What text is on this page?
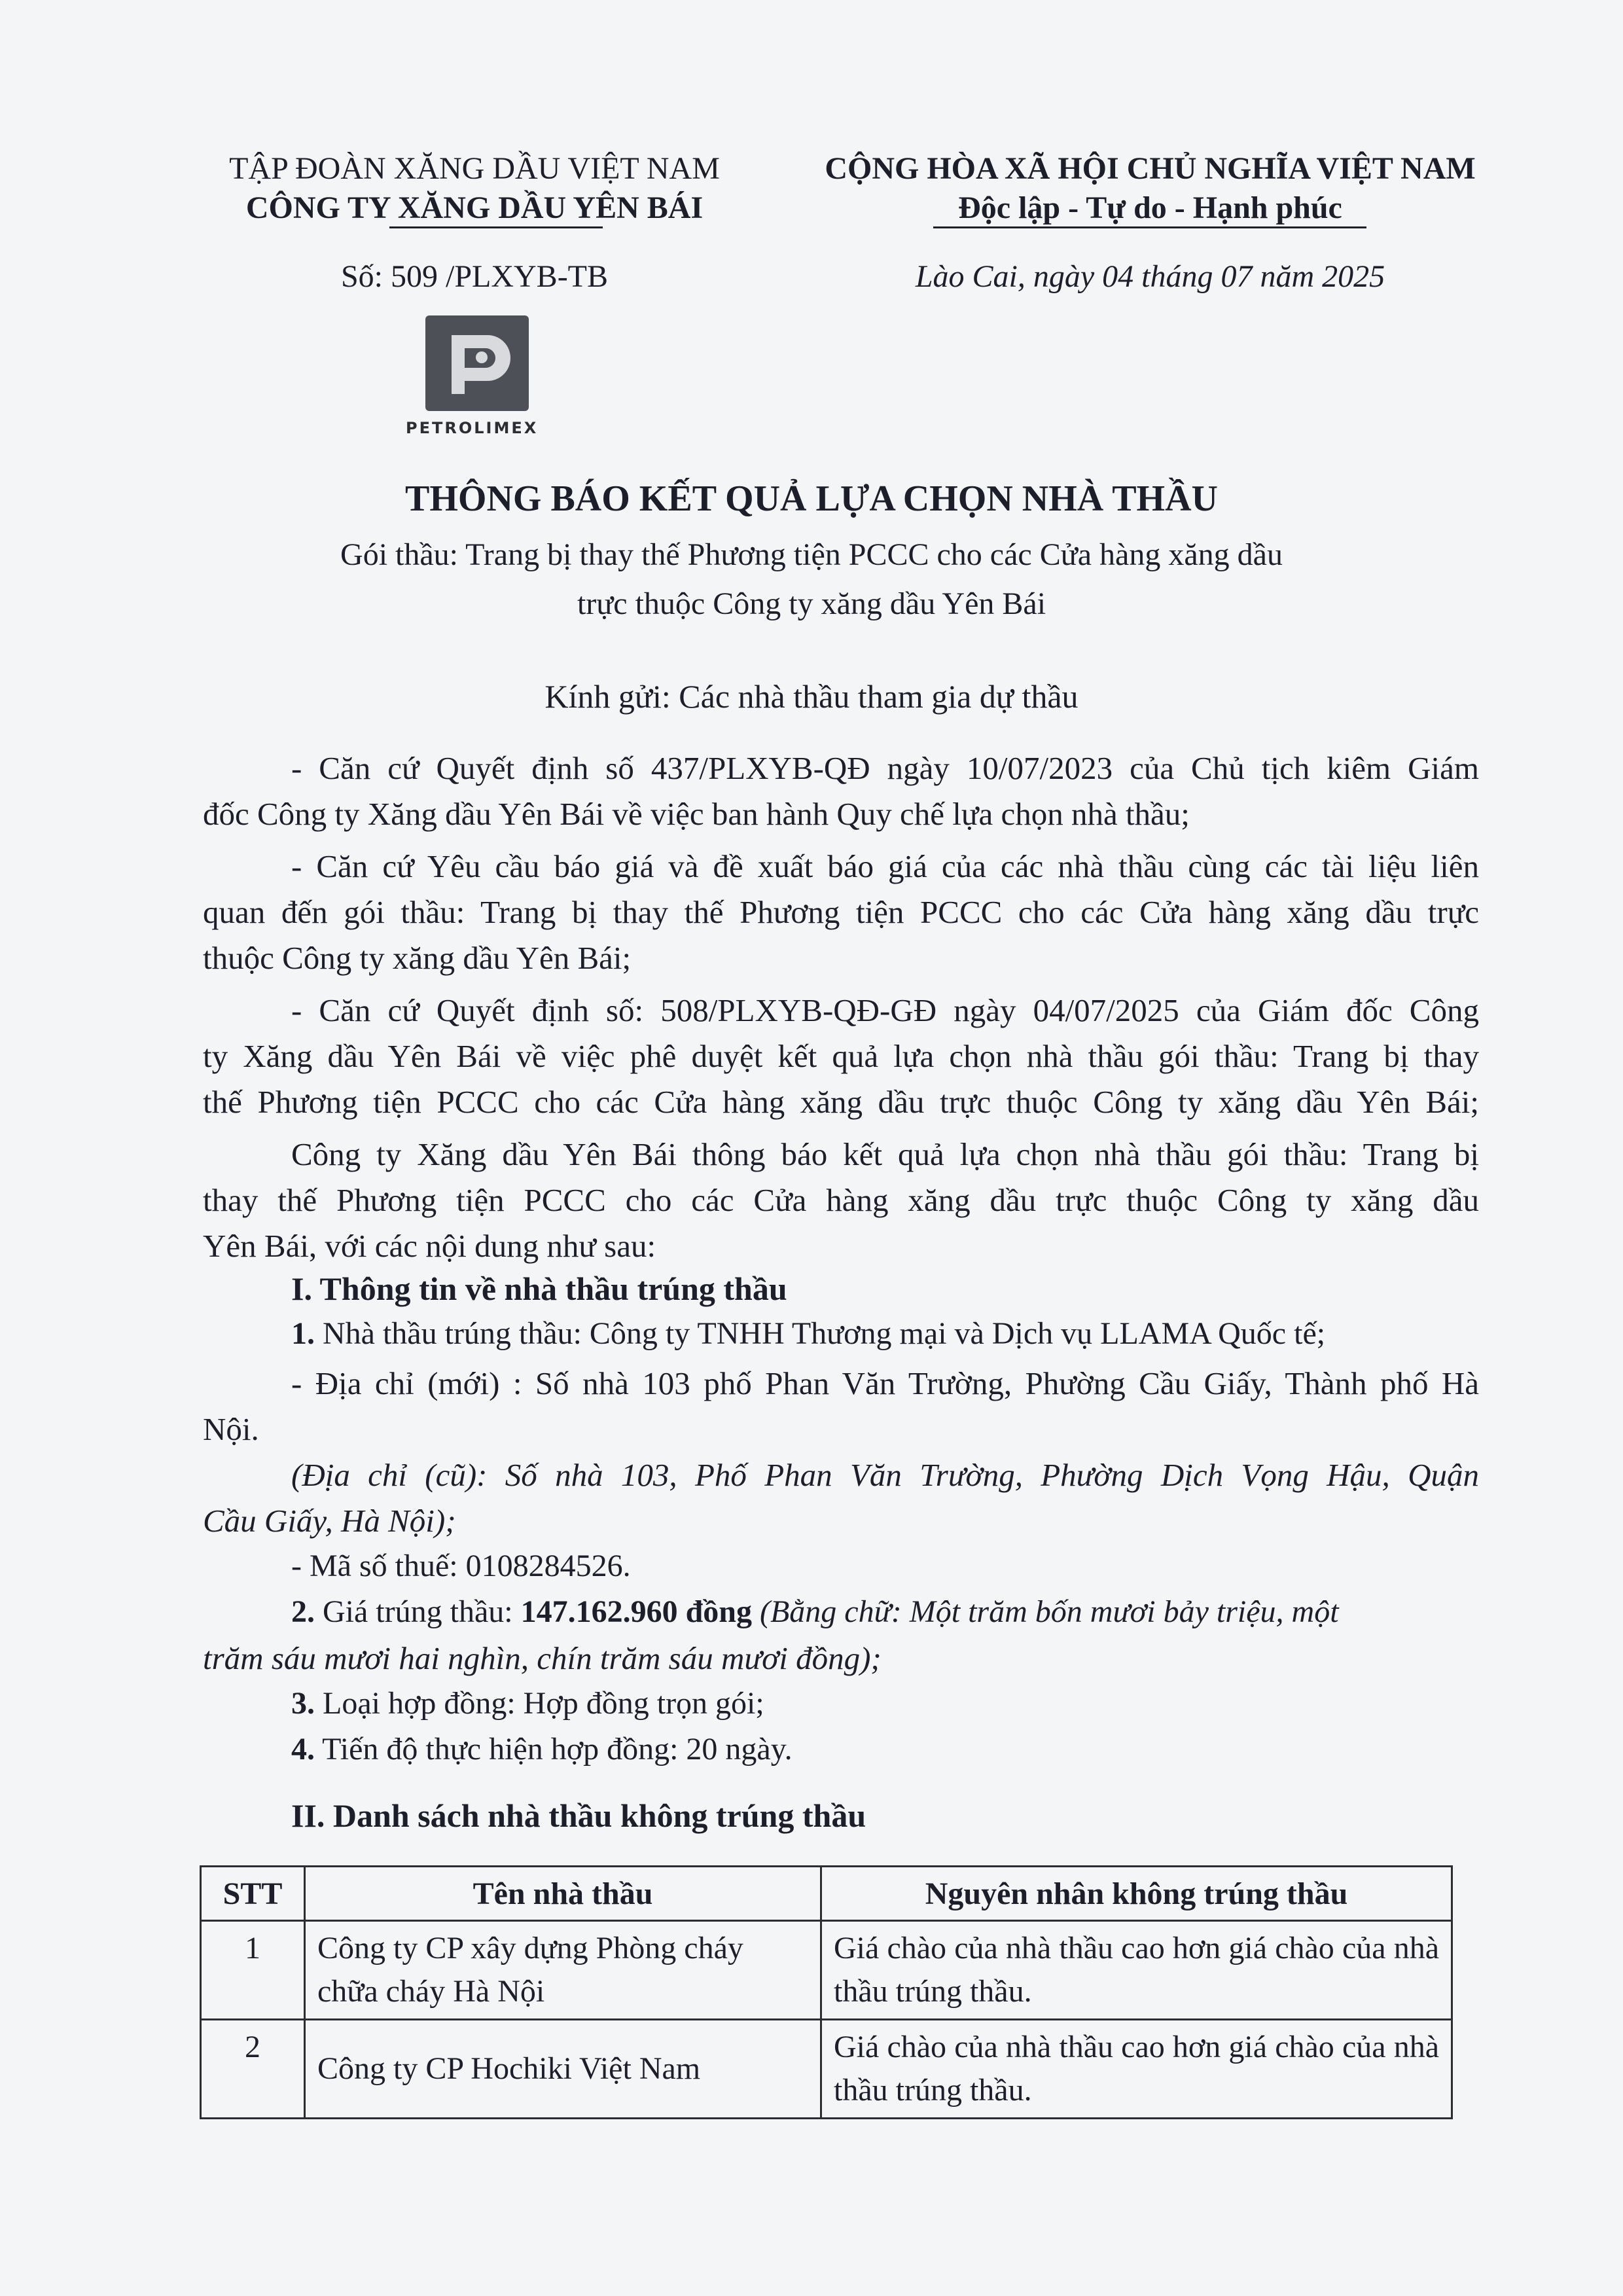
TẬP ĐOÀN XĂNG DẦU VIỆT NAM
CÔNG TY XĂNG DẦU YÊN BÁI
Số: 509 /PLXYB-TB
PETROLIMEX
CỘNG HÒA XÃ HỘI CHỦ NGHĨA VIỆT NAM
Độc lập - Tự do - Hạnh phúc
Lào Cai, ngày 04 tháng 07 năm 2025
THÔNG BÁO KẾT QUẢ LỰA CHỌN NHÀ THẦU
Gói thầu: Trang bị thay thế Phương tiện PCCC cho các Cửa hàng xăng dầu
trực thuộc Công ty xăng dầu Yên Bái
Kính gửi: Các nhà thầu tham gia dự thầu
- Căn cứ Quyết định số 437/PLXYB-QĐ ngày 10/07/2023 của Chủ tịch kiêm Giám
đốc Công ty Xăng dầu Yên Bái về việc ban hành Quy chế lựa chọn nhà thầu;
- Căn cứ Yêu cầu báo giá và đề xuất báo giá của các nhà thầu cùng các tài liệu liên
quan đến gói thầu: Trang bị thay thế Phương tiện PCCC cho các Cửa hàng xăng dầu trực
thuộc Công ty xăng dầu Yên Bái;
- Căn cứ Quyết định số: 508/PLXYB-QĐ-GĐ ngày 04/07/2025 của Giám đốc Công
ty Xăng dầu Yên Bái về việc phê duyệt kết quả lựa chọn nhà thầu gói thầu: Trang bị thay
thế Phương tiện PCCC cho các Cửa hàng xăng dầu trực thuộc Công ty xăng dầu Yên Bái;
Công ty Xăng dầu Yên Bái thông báo kết quả lựa chọn nhà thầu gói thầu: Trang bị
thay thế Phương tiện PCCC cho các Cửa hàng xăng dầu trực thuộc Công ty xăng dầu
Yên Bái, với các nội dung như sau:
I. Thông tin về nhà thầu trúng thầu
1. Nhà thầu trúng thầu: Công ty TNHH Thương mại và Dịch vụ LLAMA Quốc tế;
- Địa chỉ (mới) : Số nhà 103 phố Phan Văn Trường, Phường Cầu Giấy, Thành phố Hà
Nội.
(Địa chỉ (cũ): Số nhà 103, Phố Phan Văn Trường, Phường Dịch Vọng Hậu, Quận
Cầu Giấy, Hà Nội);
- Mã số thuế: 0108284526.
2. Giá trúng thầu: 147.162.960 đồng (Bằng chữ: Một trăm bốn mươi bảy triệu, một
trăm sáu mươi hai nghìn, chín trăm sáu mươi đồng);
3. Loại hợp đồng: Hợp đồng trọn gói;
4. Tiến độ thực hiện hợp đồng: 20 ngày.
II. Danh sách nhà thầu không trúng thầu
STT	Tên nhà thầu	Nguyên nhân không trúng thầu
1	Công ty CP xây dựng Phòng cháy chữa cháy Hà Nội	Giá chào của nhà thầu cao hơn giá chào của nhà thầu trúng thầu.
2	Công ty CP Hochiki Việt Nam	Giá chào của nhà thầu cao hơn giá chào của nhà thầu trúng thầu.
